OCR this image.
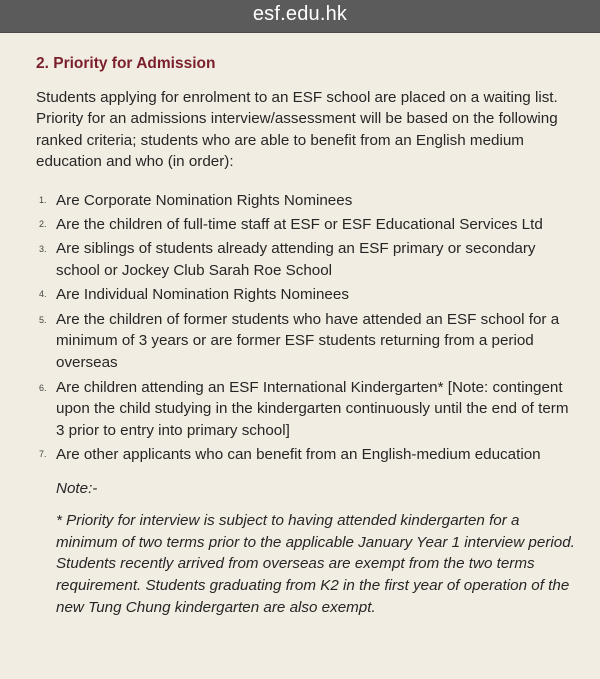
esf.edu.hk
2. Priority for Admission

Students applying for enrolment to an ESF school are placed on a waiting list. Priority for an admissions interview/assessment will be based on the following ranked criteria; students who are able to benefit from an English medium education and who (in order):

1. Are Corporate Nomination Rights Nominees
2. Are the children of full-time staff at ESF or ESF Educational Services Ltd
3. Are siblings of students already attending an ESF primary or secondary school or Jockey Club Sarah Roe School
4. Are Individual Nomination Rights Nominees
5. Are the children of former students who have attended an ESF school for a minimum of 3 years or are former ESF students returning from a period overseas
6. Are children attending an ESF International Kindergarten* [Note: contingent upon the child studying in the kindergarten continuously until the end of term 3 prior to entry into primary school]
7. Are other applicants who can benefit from an English-medium education

Note:-

* Priority for interview is subject to having attended kindergarten for a minimum of two terms prior to the applicable January Year 1 interview period. Students recently arrived from overseas are exempt from the two terms requirement. Students graduating from K2 in the first year of operation of the new Tung Chung kindergarten are also exempt.
